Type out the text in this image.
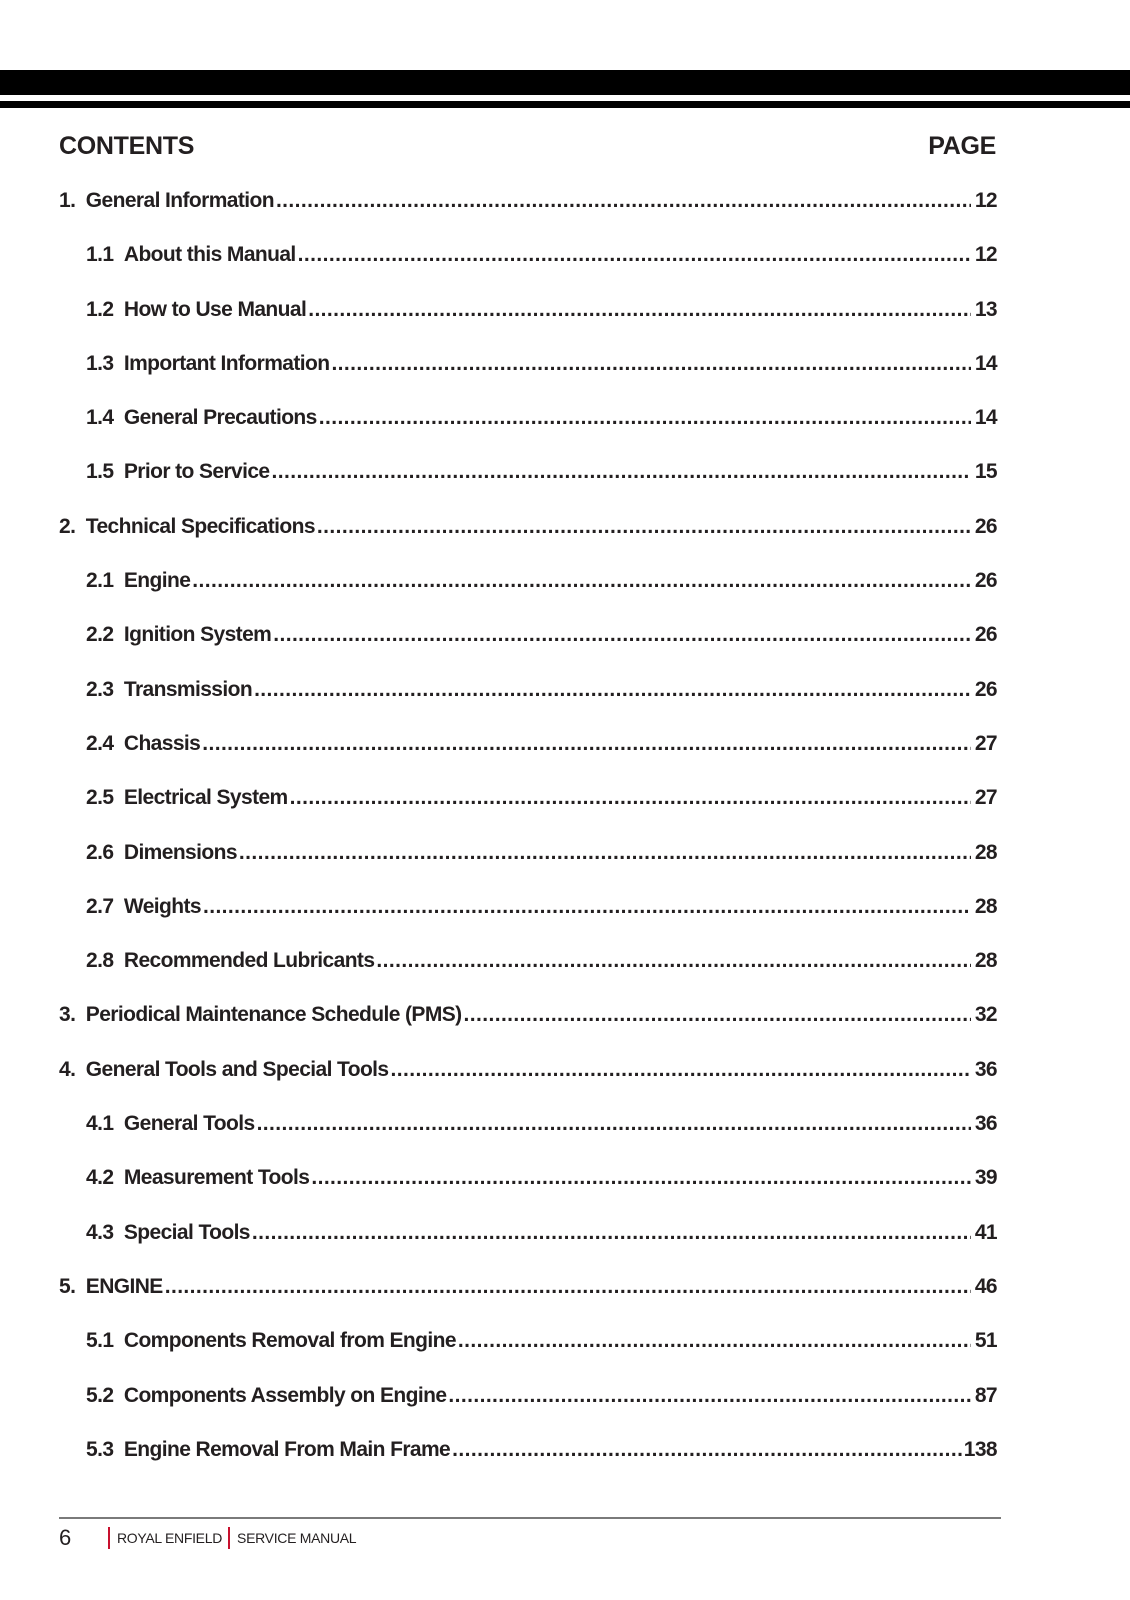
CONTENTS	PAGE
1. General Information .....	12
1.1 About this Manual .....	12
1.2 How to Use Manual .....	13
1.3 Important Information .....	14
1.4 General Precautions .....	14
1.5 Prior to Service .....	15
2. Technical Specifications .....	26
2.1 Engine .....	26
2.2 Ignition System .....	26
2.3 Transmission .....	26
2.4 Chassis .....	27
2.5 Electrical System .....	27
2.6 Dimensions .....	28
2.7 Weights .....	28
2.8 Recommended Lubricants .....	28
3. Periodical Maintenance Schedule (PMS) .....	32
4. General Tools and Special Tools .....	36
4.1 General Tools .....	36
4.2 Measurement Tools .....	39
4.3 Special Tools .....	41
5. ENGINE .....	46
5.1 Components Removal from Engine .....	51
5.2 Components Assembly on Engine .....	87
5.3 Engine Removal From Main Frame .....	138
6	ROYAL ENFIELD SERVICE MANUAL
